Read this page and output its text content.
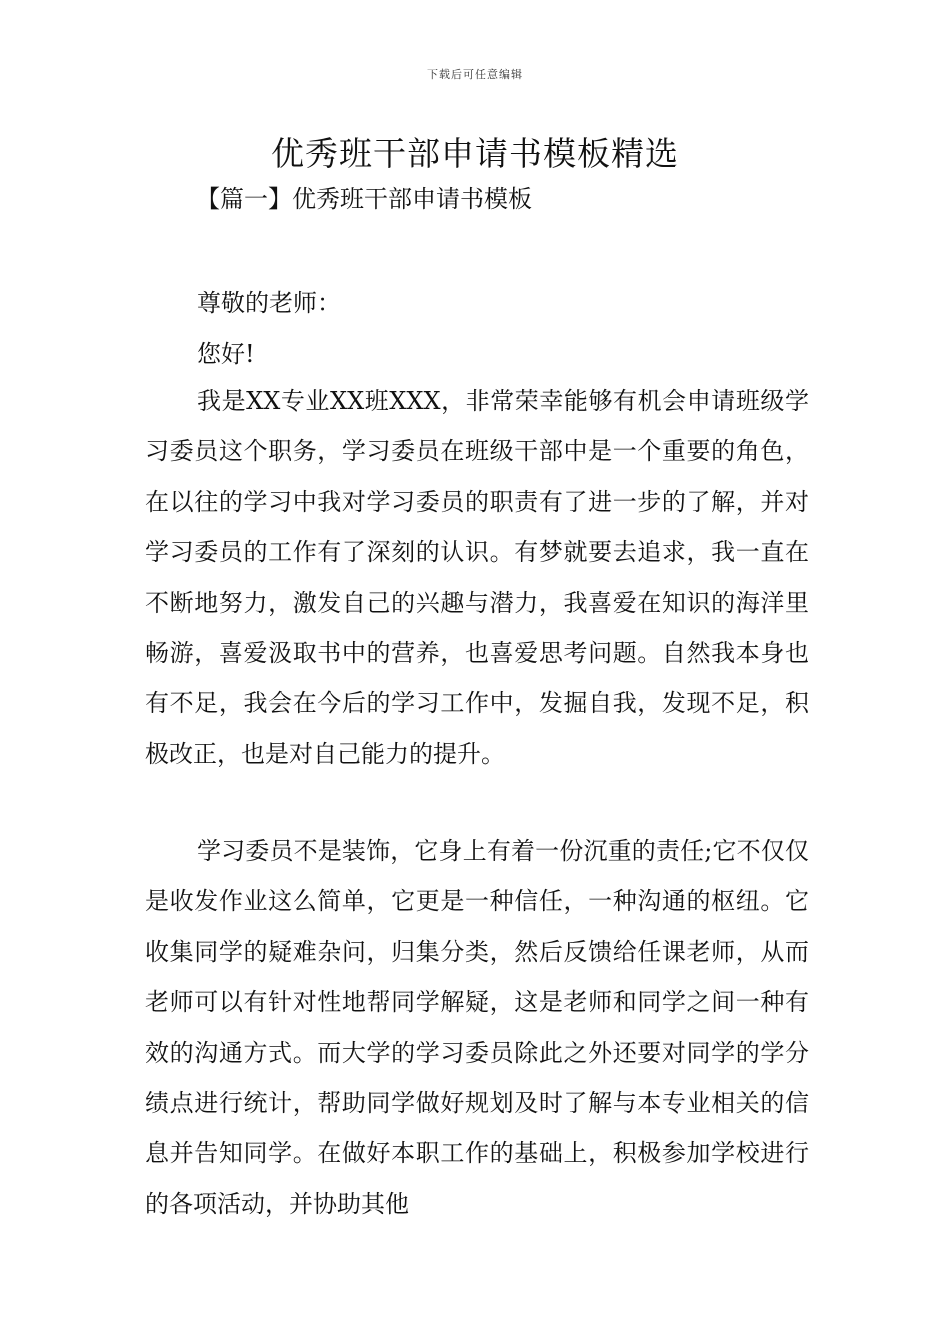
下载后可任意编辑
优秀班干部申请书模板精选
【篇一】优秀班干部申请书模板

尊敬的老师：

您好!

我是XX专业XX班XXX，非常荣幸能够有机会申请班级学习委员这个职务，学习委员在班级干部中是一个重要的角色，在以往的学习中我对学习委员的职责有了进一步的了解，并对学习委员的工作有了深刻的认识。有梦就要去追求，我一直在不断地努力，激发自己的兴趣与潜力，我喜爱在知识的海洋里畅游，喜爱汲取书中的营养，也喜爱思考问题。自然我本身也有不足，我会在今后的学习工作中，发掘自我，发现不足，积极改正，也是对自己能力的提升。

学习委员不是装饰，它身上有着一份沉重的责任;它不仅仅是收发作业这么简单，它更是一种信任，一种沟通的枢纽。它收集同学的疑难杂问，归集分类，然后反馈给任课老师，从而老师可以有针对性地帮同学解疑，这是老师和同学之间一种有效的沟通方式。而大学的学习委员除此之外还要对同学的学分绩点进行统计，帮助同学做好规划及时了解与本专业相关的信息并告知同学。在做好本职工作的基础上，积极参加学校进行的各项活动，并协助其他
